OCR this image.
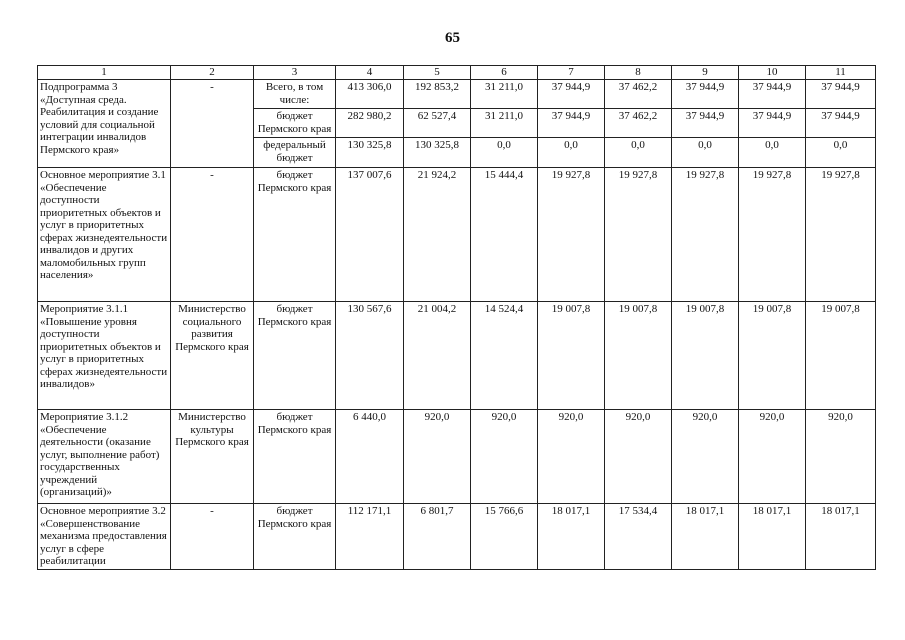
65
1	2	3	4	5	6	7	8	9	10	11
Подпрограмма 3 «Доступная среда. Реабилитация и создание условий для социальной интеграции инвалидов Пермского края»	-	Всего, в том числе:	413 306,0	192 853,2	31 211,0	37 944,9	37 462,2	37 944,9	37 944,9	37 944,9
		бюджет Пермского края	282 980,2	62 527,4	31 211,0	37 944,9	37 462,2	37 944,9	37 944,9	37 944,9
		федеральный бюджет	130 325,8	130 325,8	0,0	0,0	0,0	0,0	0,0	0,0
Основное мероприятие 3.1 «Обеспечение доступности приоритетных объектов и услуг в приоритетных сферах жизнедеятельности инвалидов и других маломобильных групп населения»	-	бюджет Пермского края	137 007,6	21 924,2	15 444,4	19 927,8	19 927,8	19 927,8	19 927,8	19 927,8
Мероприятие 3.1.1 «Повышение уровня доступности приоритетных объектов и услуг в приоритетных сферах жизнедеятельности инвалидов»	Министерство социального развития Пермского края	бюджет Пермского края	130 567,6	21 004,2	14 524,4	19 007,8	19 007,8	19 007,8	19 007,8	19 007,8
Мероприятие 3.1.2 «Обеспечение деятельности (оказание услуг, выполнение работ) государственных учреждений (организаций)»	Министерство культуры Пермского края	бюджет Пермского края	6 440,0	920,0	920,0	920,0	920,0	920,0	920,0	920,0
Основное мероприятие 3.2 «Совершенствование механизма предоставления услуг в сфере реабилитации	-	бюджет Пермского края	112 171,1	6 801,7	15 766,6	18 017,1	17 534,4	18 017,1	18 017,1	18 017,1
